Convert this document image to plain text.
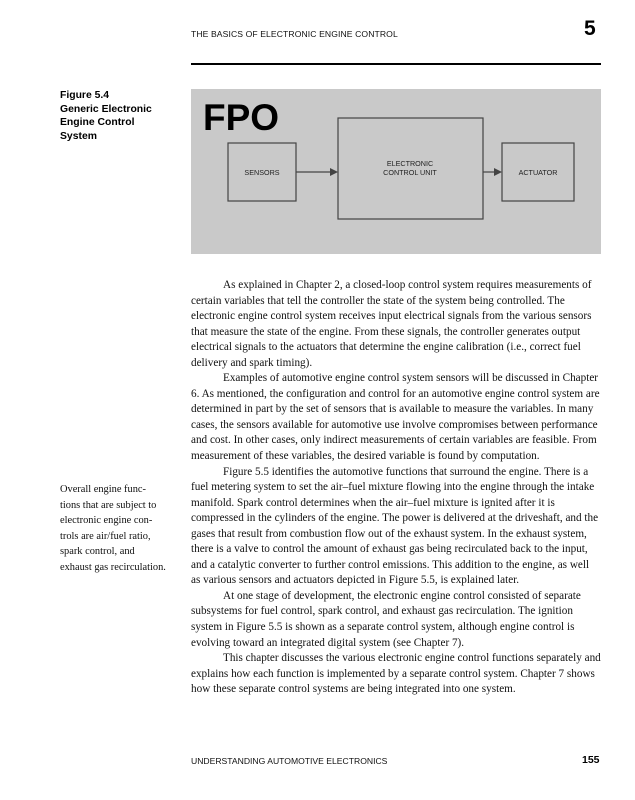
THE BASICS OF ELECTRONIC ENGINE CONTROL	5
Figure 5.4
Generic Electronic
Engine Control
System	FPO
SENSORS
ELECTRONIC
CONTROL UNIT	ACTUATOR
Overall engine func-
tions that are subject to
electronic engine con-
trols are air/fuel ratio,
spark control, and
exhaust gas recirculation.

As explained in Chapter 2, a closed-loop control system requires measurements of certain variables that tell the controller the state of the system being controlled. The electronic engine control system receives input electrical signals from the various sensors that measure the state of the engine. From these signals, the controller generates output electrical signals to the actuators that determine the engine calibration (i.e., correct fuel delivery and spark timing).

Examples of automotive engine control system sensors will be discussed in Chapter 6. As mentioned, the configuration and control for an automotive engine control system are determined in part by the set of sensors that is available to measure the variables. In many cases, the sensors available for automotive use involve compromises between performance and cost. In other cases, only indirect measurements of certain variables are feasible. From measurement of these variables, the desired variable is found by computation.

Figure 5.5 identifies the automotive functions that surround the engine. There is a fuel metering system to set the air–fuel mixture flowing into the engine through the intake manifold. Spark control determines when the air–fuel mixture is ignited after it is compressed in the cylinders of the engine. The power is delivered at the driveshaft, and the gases that result from combustion flow out of the exhaust system. In the exhaust system, there is a valve to control the amount of exhaust gas being recirculated back to the input, and a catalytic converter to further control emissions. This addition to the engine, as well as various sensors and actuators depicted in Figure 5.5, is explained later.

At one stage of development, the electronic engine control consisted of separate subsystems for fuel control, spark control, and exhaust gas recirculation. The ignition system in Figure 5.5 is shown as a separate control system, although engine control is evolving toward an integrated digital system (see Chapter 7).

This chapter discusses the various electronic engine control functions separately and explains how each function is implemented by a separate control system. Chapter 7 shows how these separate control systems are being integrated into one system.

UNDERSTANDING AUTOMOTIVE ELECTRONICS	155
